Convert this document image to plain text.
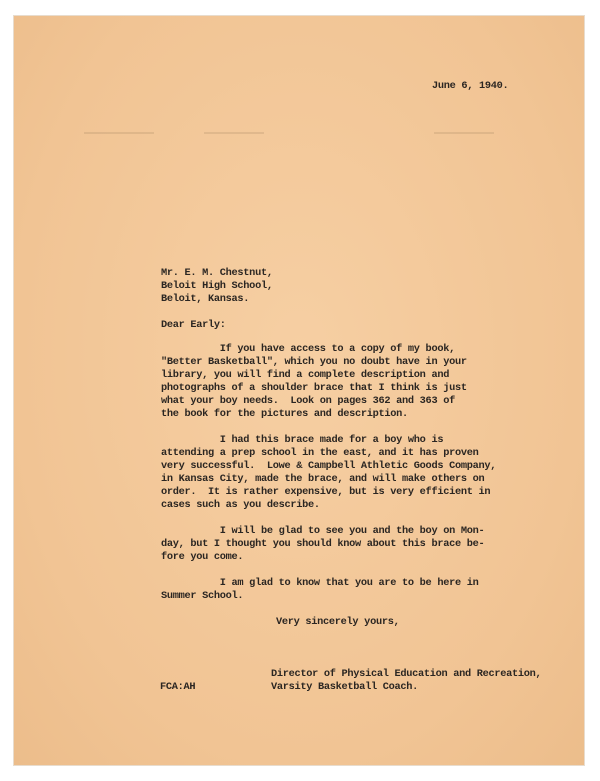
June 6, 1940.
Mr. E. M. Chestnut,
Beloit High School,
Beloit, Kansas.
Dear Early:
If you have access to a copy of my book,
"Better Basketball", which you no doubt have in your
library, you will find a complete description and
photographs of a shoulder brace that I think is just
what your boy needs.  Look on pages 362 and 363 of
the book for the pictures and description.
I had this brace made for a boy who is
attending a prep school in the east, and it has proven
very successful.  Lowe & Campbell Athletic Goods Company,
in Kansas City, made the brace, and will make others on
order.  It is rather expensive, but is very efficient in
cases such as you describe.
I will be glad to see you and the boy on Mon-
day, but I thought you should know about this brace be-
fore you come.
I am glad to know that you are to be here in
Summer School.
Very sincerely yours,
Director of Physical Education and Recreation,
Varsity Basketball Coach.
FCA:AH
